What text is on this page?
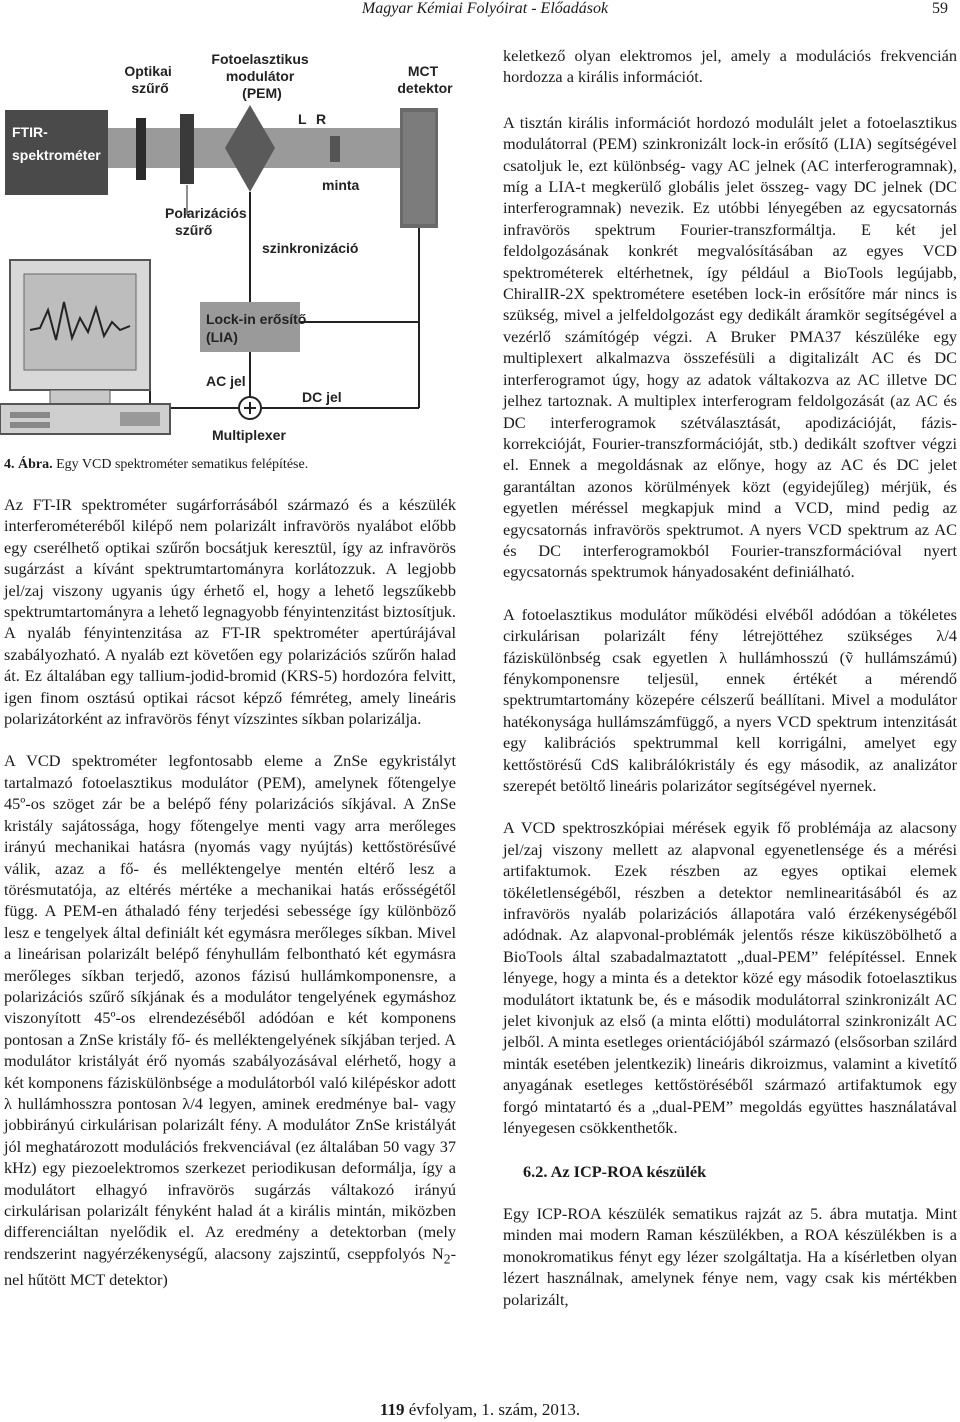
Magyar Kémiai Folyóirat - Előadások	59
FTIR- spektrométer
Optikai szűrő
Polarizációs szűrő
Fotoelasztikus modulátor (PEM)
L R
minta
MCT detektor
szinkronizáció
Lock-in erősítő (LIA)
AC jel
DC jel
Multiplexer
4. Ábra. Egy VCD spektrométer sematikus felépítése.

Az FT-IR spektrométer sugárforrásából származó és a készülék interferométeréből kilépő nem polarizált infravörös nyalábot előbb egy cserélhető optikai szűrőn bocsátjuk keresztül, így az infravörös sugárzást a kívánt spektrumtartományra korlátozzuk. A legjobb jel/zaj viszony ugyanis úgy érhető el, hogy a lehető legszűkebb spektrumtartományra a lehető legnagyobb fényintenzitást biztosítjuk. A nyaláb fényintenzitása az FT-IR spektrométer apertúrájával szabályozható. A nyaláb ezt követően egy polarizációs szűrőn halad át. Ez általában egy tallium-jodid-bromid (KRS-5) hordozóra felvitt, igen finom osztású optikai rácsot képző fémréteg, amely lineáris polarizátorként az infravörös fényt vízszintes síkban polarizálja.

A VCD spektrométer legfontosabb eleme a ZnSe egykristályt tartalmazó fotoelasztikus modulátor (PEM), amelynek főtengelye 45º-os szöget zár be a belépő fény polarizációs síkjával. A ZnSe kristály sajátossága, hogy főtengelye menti vagy arra merőleges irányú mechanikai hatásra (nyomás vagy nyújtás) kettőstörésűvé válik, azaz a fő- és melléktengelye mentén eltérő lesz a törésmutatója, az eltérés mértéke a mechanikai hatás erősségétől függ. A PEM-en áthaladó fény terjedési sebessége így különböző lesz e tengelyek által definiált két egymásra merőleges síkban. Mivel a lineárisan polarizált belépő fényhullám felbontható két egymásra merőleges síkban terjedő, azonos fázisú hullámkomponensre, a polarizációs szűrő síkjának és a modulátor tengelyének egymáshoz viszonyított 45º-os elrendezéséből adódóan e két komponens pontosan a ZnSe kristály fő- és melléktengelyének síkjában terjed. A modulátor kristályát érő nyomás szabályozásával elérhető, hogy a két komponens fáziskülönbsége a modulátorból való kilépéskor adott λ hullámhosszra pontosan λ/4 legyen, aminek eredménye bal- vagy jobbirányú cirkulárisan polarizált fény. A modulátor ZnSe kristályát jól meghatározott modulációs frekvenciával (ez általában 50 vagy 37 kHz) egy piezoelektromos szerkezet periodikusan deformálja, így a modulátort elhagyó infravörös sugárzás váltakozó irányú cirkulárisan polarizált fényként halad át a királis mintán, miközben differenciáltan nyelődik el. Az eredmény a detektorban (mely rendszerint nagyérzékenységű, alacsony zajszintű, cseppfolyós $N_2$-nel hűtött MCT detektor)

keletkező olyan elektromos jel, amely a modulációs frekvencián hordozza a királis információt.

A tisztán királis információt hordozó modulált jelet a fotoelasztikus modulátorral (PEM) szinkronizált lock-in erősítő (LIA) segítségével csatoljuk le, ezt különbség- vagy AC jelnek (AC interferogramnak), míg a LIA-t megkerülő globális jelet összeg- vagy DC jelnek (DC interferogramnak) nevezik. Ez utóbbi lényegében az egycsatornás infravörös spektrum Fourier-transzformáltja. E két jel feldolgozásának konkrét megvalósításában az egyes VCD spektrométerek eltérhetnek, így például a BioTools legújabb, ChiralIR-2X spektrométere esetében lock-in erősítőre már nincs is szükség, mivel a jelfeldolgozást egy dedikált áramkör segítségével a vezérlő számítógép végzi. A Bruker PMA37 készüléke egy multiplexert alkalmazva összefésüli a digitalizált AC és DC interferogramot úgy, hogy az adatok váltakozva az AC illetve DC jelhez tartoznak. A multiplex interferogram feldolgozását (az AC és DC interferogramok szétválasztását, apodizációját, fázis-korrekcióját, Fourier-transzformációját, stb.) dedikált szoftver végzi el. Ennek a megoldásnak az előnye, hogy az AC és DC jelet garantáltan azonos körülmények közt (egyidejűleg) mérjük, és egyetlen méréssel megkapjuk mind a VCD, mind pedig az egycsatornás infravörös spektrumot. A nyers VCD spektrum az AC és DC interferogramokból Fourier-transzformációval nyert egycsatornás spektrumok hányadosaként definiálható.

A fotoelasztikus modulátor működési elvéből adódóan a tökéletes cirkulárisan polarizált fény létrejöttéhez szükséges λ/4 fáziskülönbség csak egyetlen λ hullámhosszú (ṽ hullámszámú) fénykomponensre teljesül, ennek értékét a mérendő spektrumtartomány közepére célszerű beállítani. Mivel a modulátor hatékonysága hullámszámfüggő, a nyers VCD spektrum intenzitását egy kalibrációs spektrummal kell korrigálni, amelyet egy kettőstörésű CdS kalibrálókristály és egy második, az analizátor szerepét betöltő lineáris polarizátor segítségével nyernek.

A VCD spektroszkópiai mérések egyik fő problémája az alacsony jel/zaj viszony mellett az alapvonal egyenetlensége és a mérési artifaktumok. Ezek részben az egyes optikai elemek tökéletlenségéből, részben a detektor nemlinearitásából és az infravörös nyaláb polarizációs állapotára való érzékenységéből adódnak. Az alapvonal-problémák jelentős része kiküszöbölhető a BioTools által szabadalmaztatott „dual-PEM” felépítéssel. Ennek lényege, hogy a minta és a detektor közé egy második fotoelasztikus modulátort iktatunk be, és e második modulátorral szinkronizált AC jelet kivonjuk az első (a minta előtti) modulátorral szinkronizált AC jelből. A minta esetleges orientációjából származó (elsősorban szilárd minták esetében jelentkezik) lineáris dikroizmus, valamint a kivetítő anyagának esetleges kettőstöréséből származó artifaktumok egy forgó mintatartó és a „dual-PEM” megoldás együttes használatával lényegesen csökkenthetők.

6.2. Az ICP-ROA készülék

Egy ICP-ROA készülék sematikus rajzát az 5. ábra mutatja. Mint minden mai modern Raman készülékben, a ROA készülékben is a monokromatikus fényt egy lézer szolgáltatja. Ha a kísérletben olyan lézert használnak, amelynek fénye nem, vagy csak kis mértékben polarizált,

119 évfolyam, 1. szám, 2013.
